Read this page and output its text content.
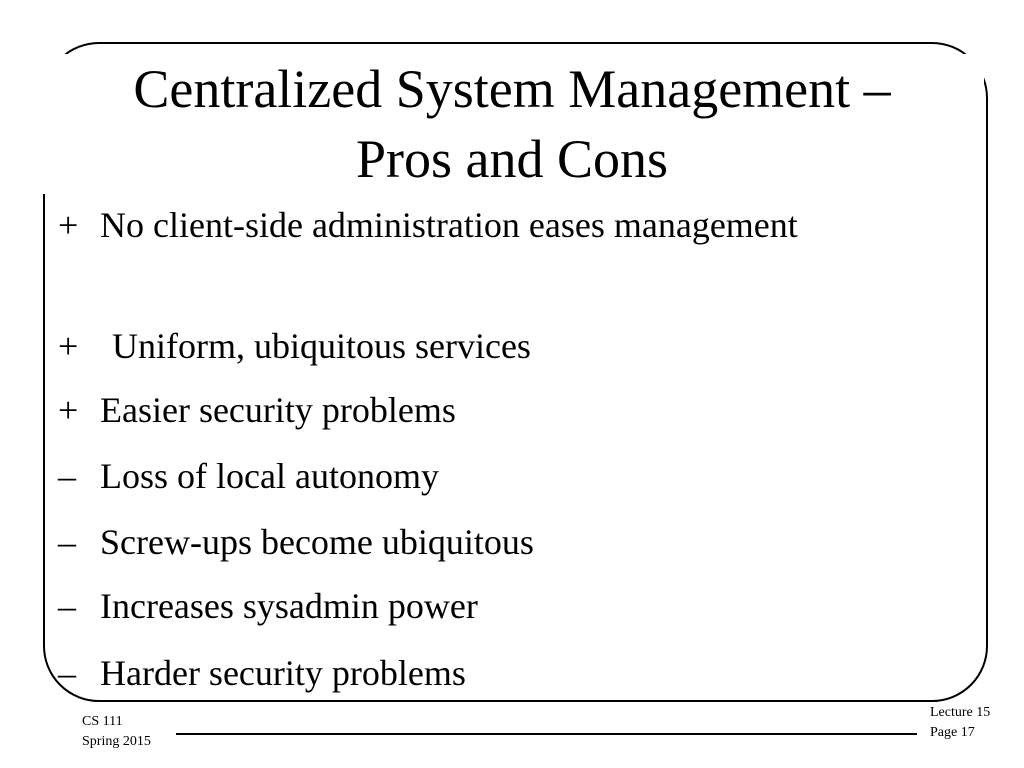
Centralized System Management –
Pros and Cons
+ No client-side administration eases management
+ Uniform, ubiquitous services
+ Easier security problems
– Loss of local autonomy
– Screw-ups become ubiquitous
– Increases sysadmin power
– Harder security problems
CS 111
Spring 2015
Lecture 15
Page 17
